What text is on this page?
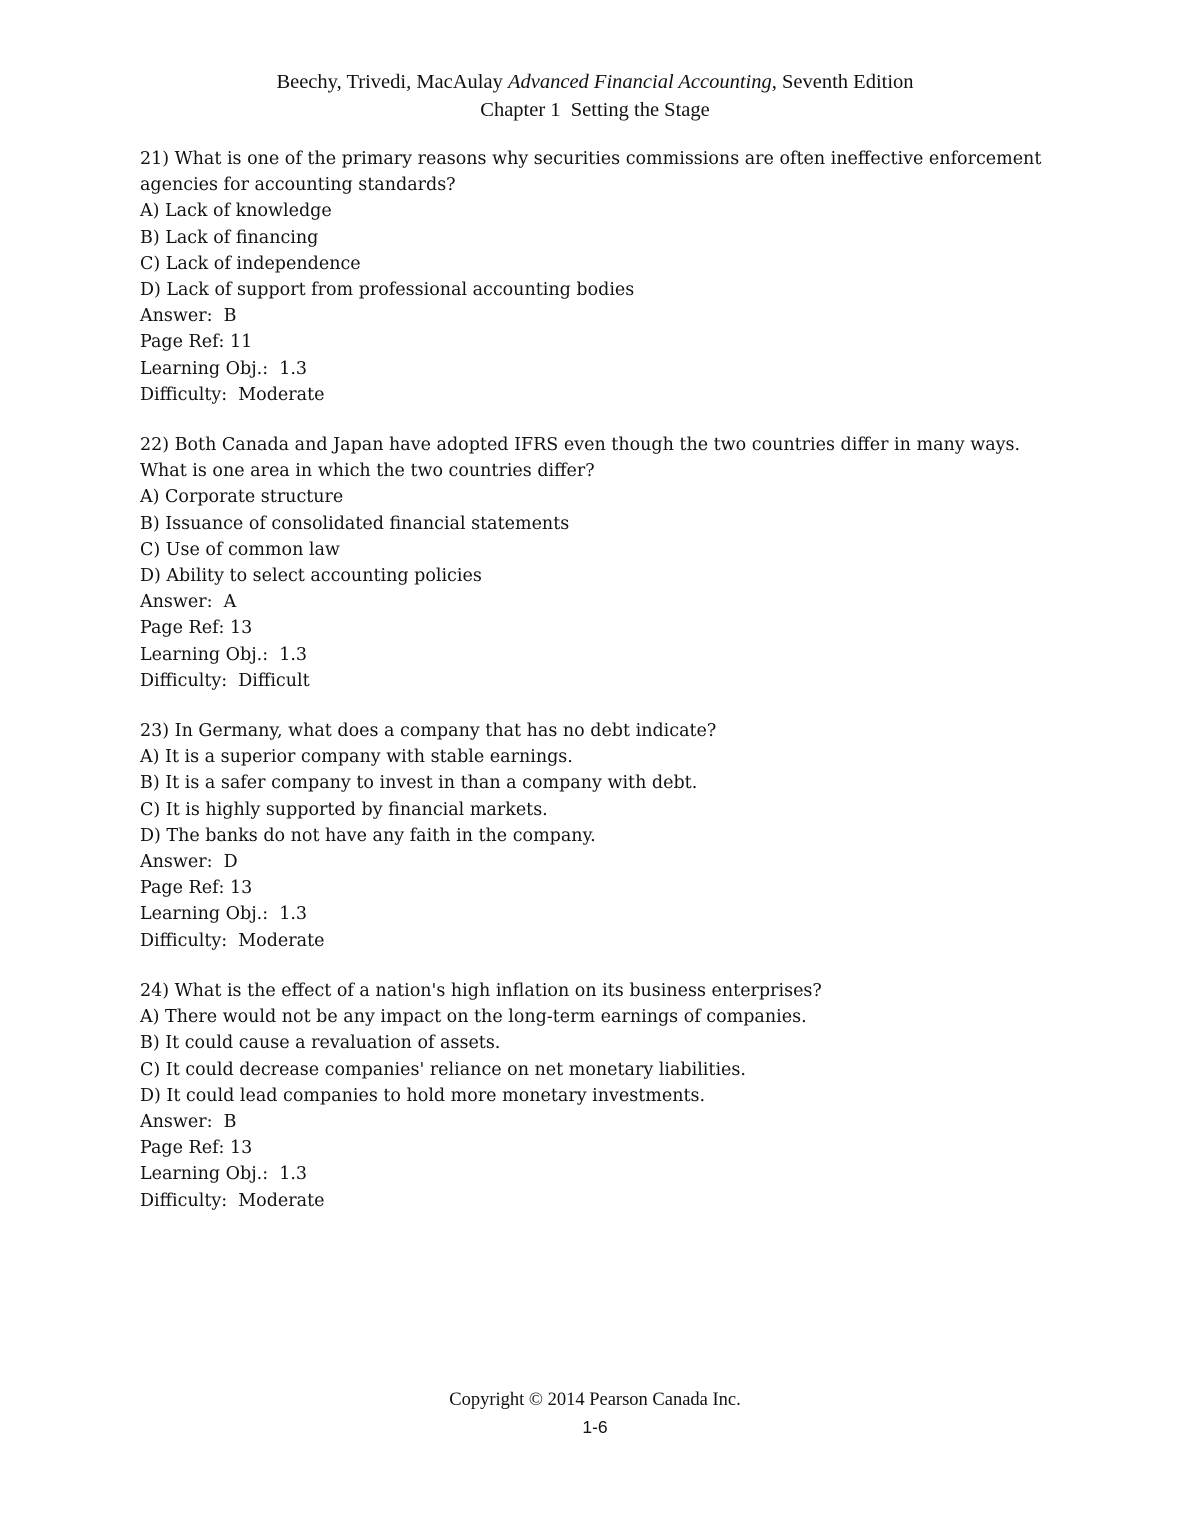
Beechy, Trivedi, MacAulay Advanced Financial Accounting, Seventh Edition
Chapter 1  Setting the Stage
21) What is one of the primary reasons why securities commissions are often ineffective enforcement agencies for accounting standards?
A) Lack of knowledge
B) Lack of financing
C) Lack of independence
D) Lack of support from professional accounting bodies
Answer:  B
Page Ref: 11
Learning Obj.:  1.3
Difficulty:  Moderate
22) Both Canada and Japan have adopted IFRS even though the two countries differ in many ways. What is one area in which the two countries differ?
A) Corporate structure
B) Issuance of consolidated financial statements
C) Use of common law
D) Ability to select accounting policies
Answer:  A
Page Ref: 13
Learning Obj.:  1.3
Difficulty:  Difficult
23) In Germany, what does a company that has no debt indicate?
A) It is a superior company with stable earnings.
B) It is a safer company to invest in than a company with debt.
C) It is highly supported by financial markets.
D) The banks do not have any faith in the company.
Answer:  D
Page Ref: 13
Learning Obj.:  1.3
Difficulty:  Moderate
24) What is the effect of a nation's high inflation on its business enterprises?
A) There would not be any impact on the long-term earnings of companies.
B) It could cause a revaluation of assets.
C) It could decrease companies' reliance on net monetary liabilities.
D) It could lead companies to hold more monetary investments.
Answer:  B
Page Ref: 13
Learning Obj.:  1.3
Difficulty:  Moderate
Copyright © 2014 Pearson Canada Inc.
1-6
